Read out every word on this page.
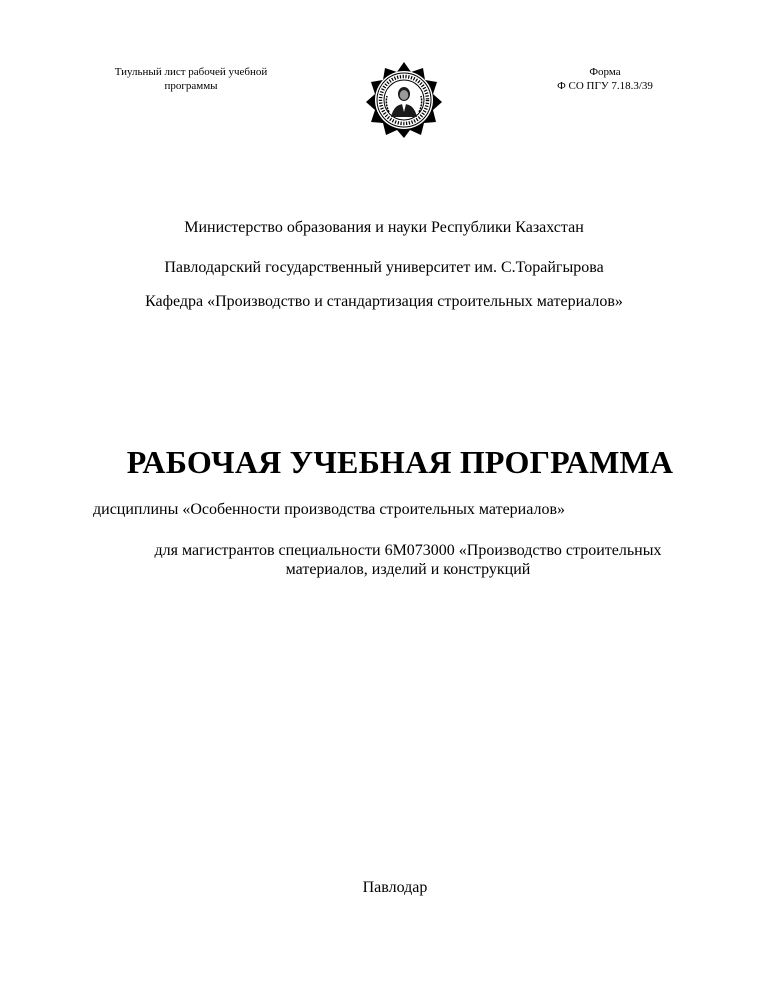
Тиульный лист рабочей учебной
программы
Форма
Ф СО ПГУ 7.18.3/39
Министерство образования и науки Республики Казахстан
Павлодарский государственный университет им. С.Торайгырова
Кафедра «Производство и стандартизация строительных материалов»
РАБОЧАЯ УЧЕБНАЯ ПРОГРАММА
дисциплины «Особенности производства строительных материалов»
для магистрантов специальности 6М073000 «Производство строительных
материалов, изделий и конструкций
Павлодар
